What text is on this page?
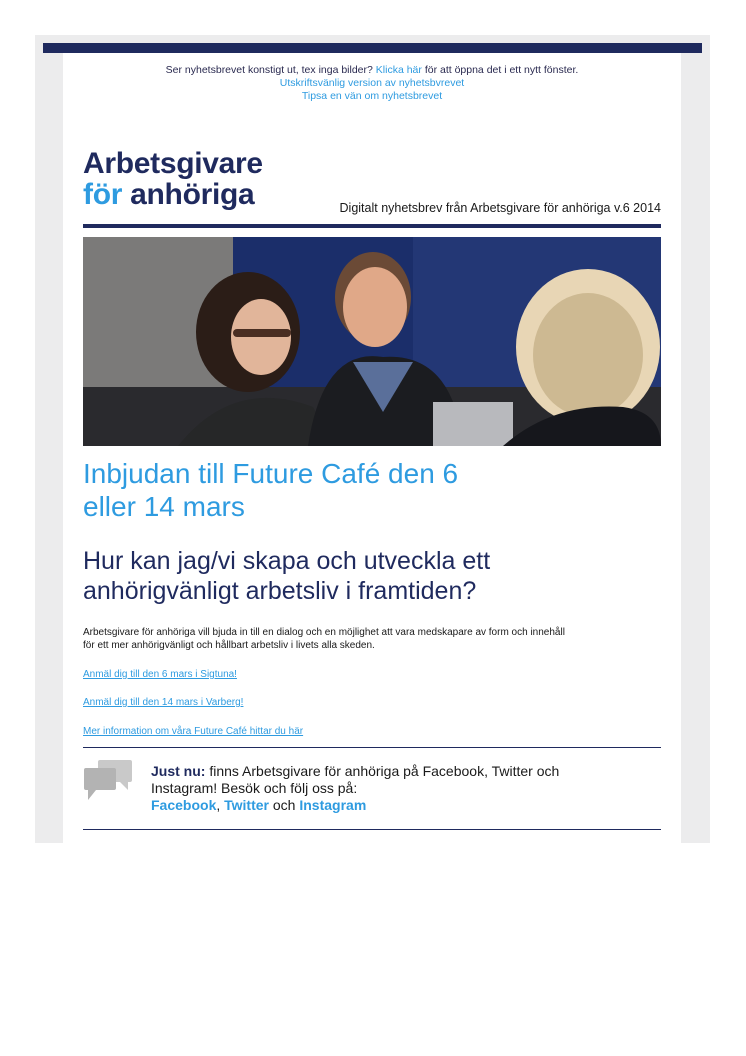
Ser nyhetsbrevet konstigt ut, tex inga bilder? Klicka här för att öppna det i ett nytt fönster.
Utskriftsvänlig version av nyhetsbvrevet
Tipsa en vän om nyhetsbrevet
Arbetsgivare
för anhöriga	Digitalt nyhetsbrev från Arbetsgivare för anhöriga v.6 2014
Inbjudan till Future Café den 6
eller 14 mars
Hur kan jag/vi skapa och utveckla ett
anhörigvänligt arbetsliv i framtiden?
Arbetsgivare för anhöriga vill bjuda in till en dialog och en möjlighet att vara medskapare av form och innehåll
för ett mer anhörigvänligt och hållbart arbetsliv i livets alla skeden.
Anmäl dig till den 6 mars i Sigtuna!
Anmäl dig till den 14 mars i Varberg!
Mer information om våra Future Café hittar du här
Just nu: finns Arbetsgivare för anhöriga på Facebook, Twitter och
Instagram! Besök och följ oss på:
Facebook, Twitter och Instagram
